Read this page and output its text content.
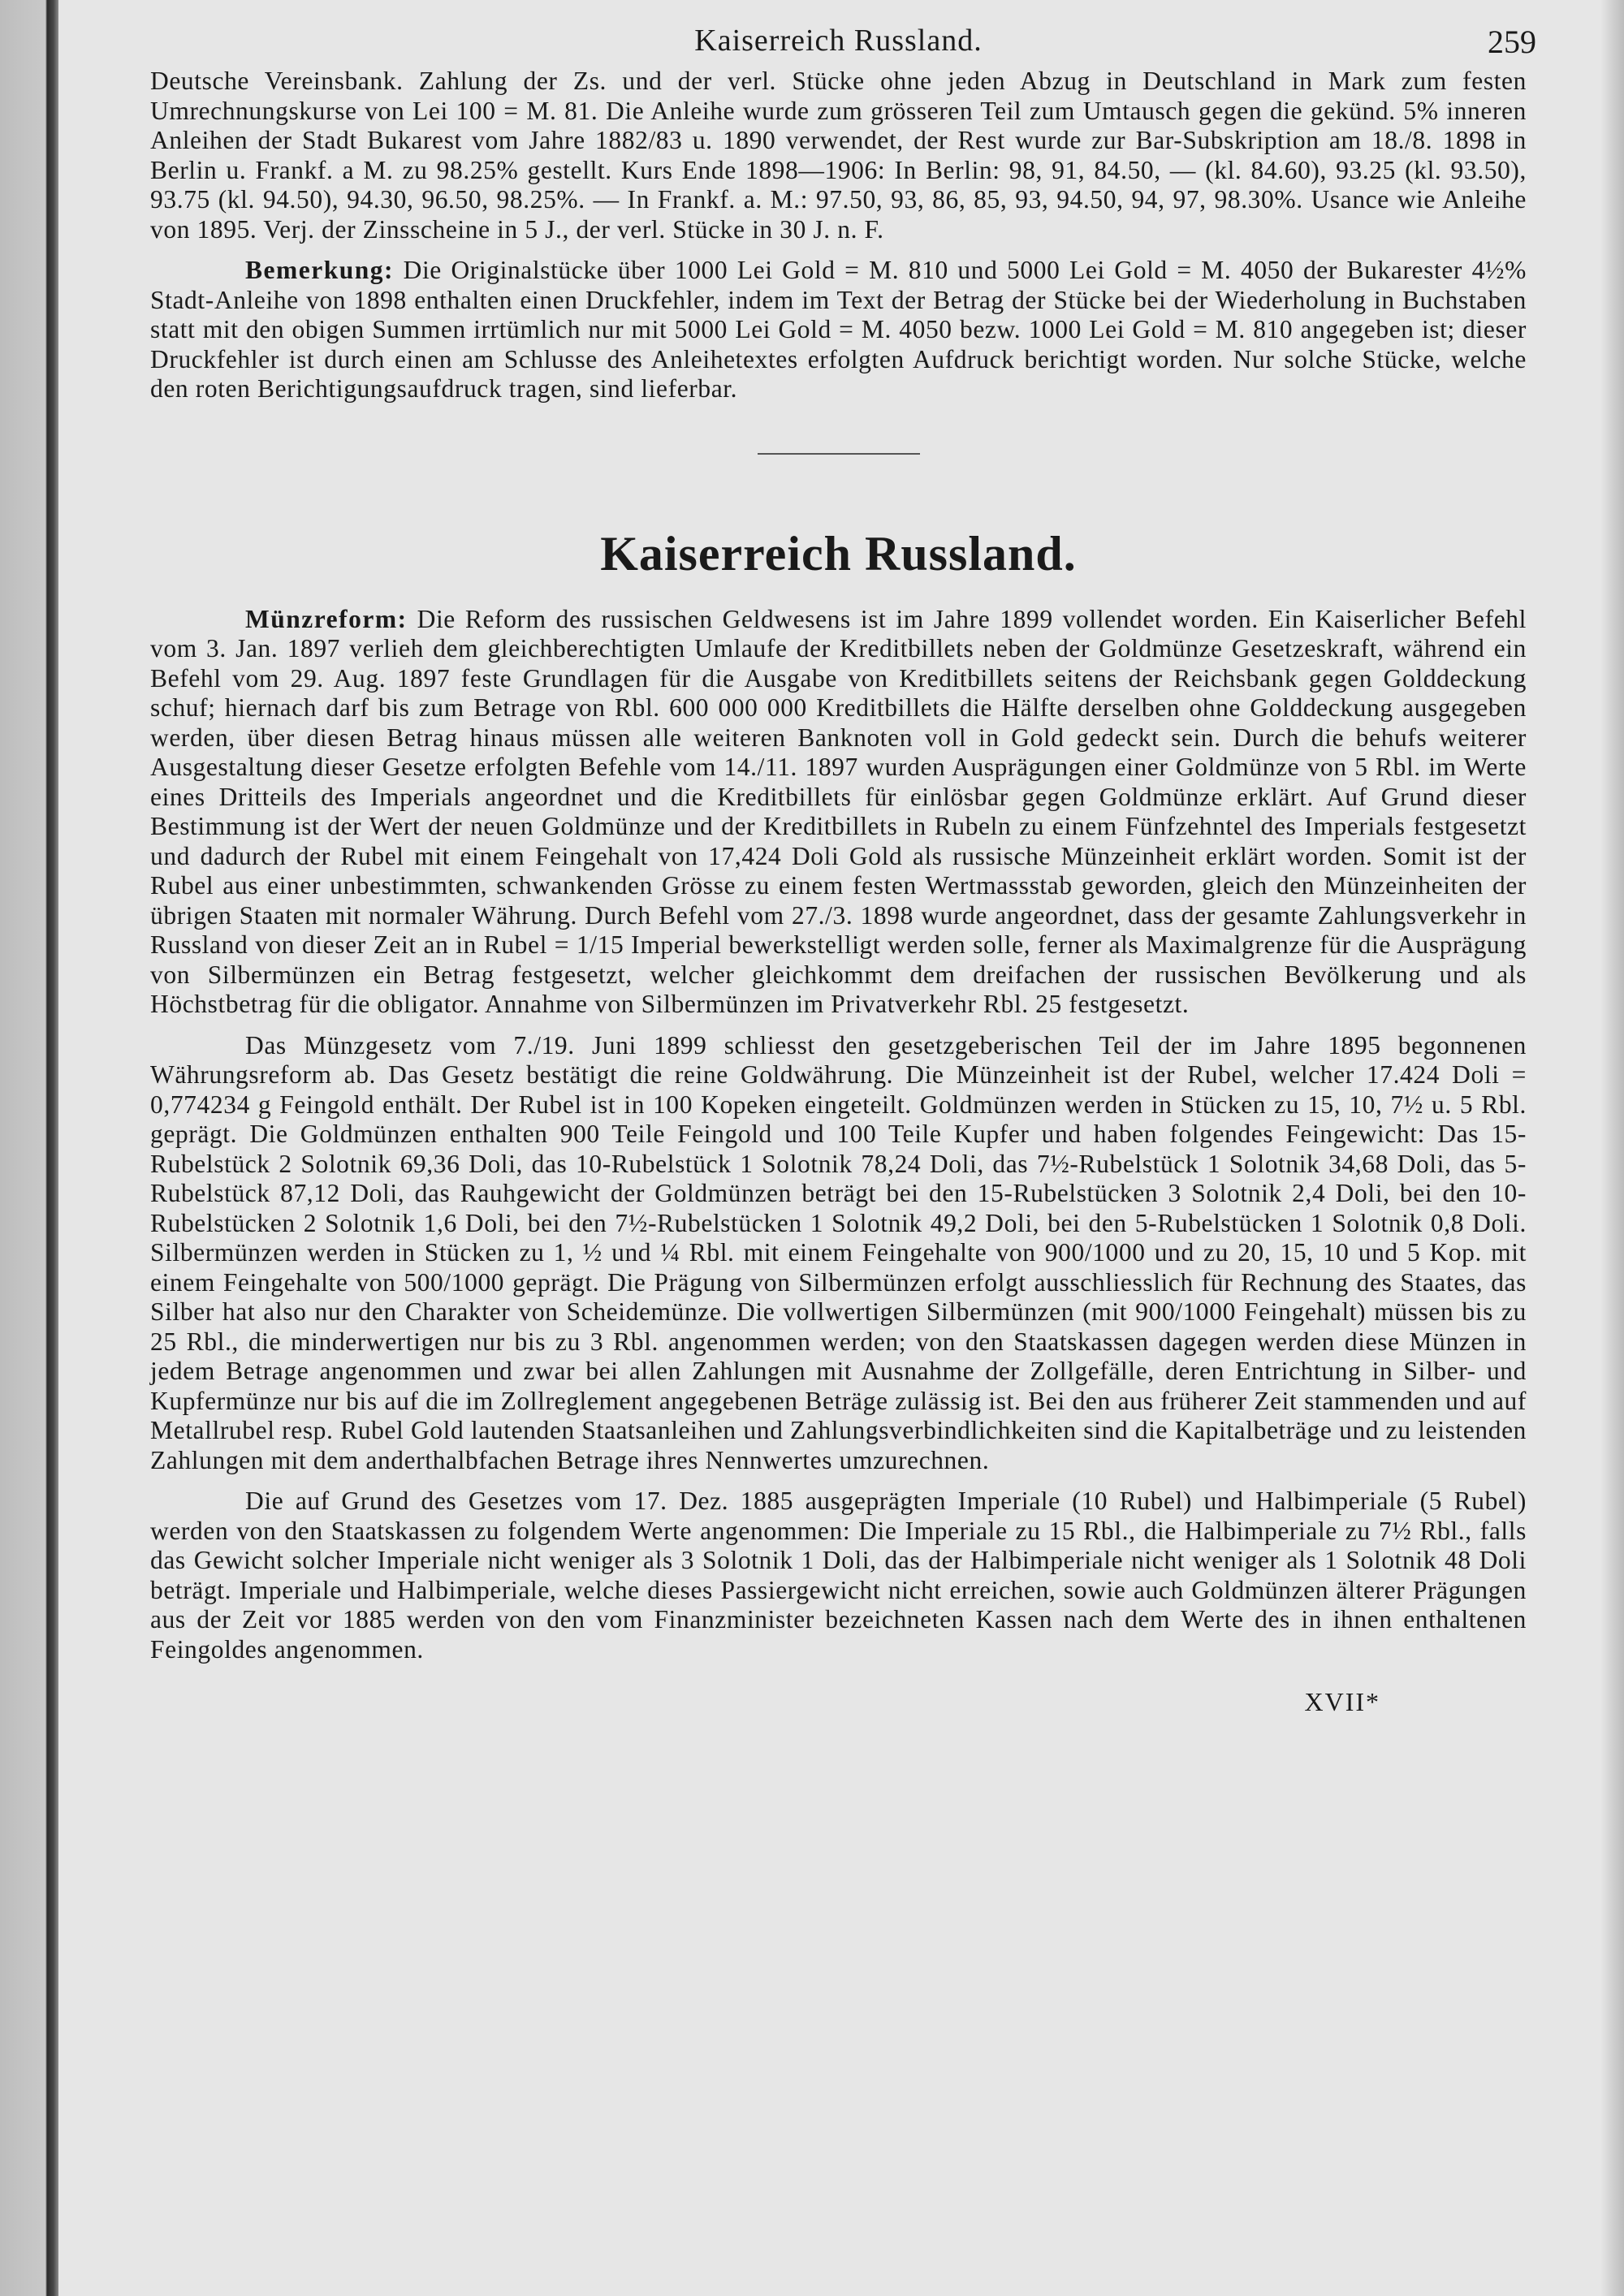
Kaiserreich Russland.	259

Deutsche Vereinsbank. Zahlung der Zs. und der verl. Stücke ohne jeden Abzug in Deutschland in Mark zum festen Umrechnungskurse von Lei 100 = M. 81. Die Anleihe wurde zum grösseren Teil zum Umtausch gegen die gekünd. 5% inneren Anleihen der Stadt Bukarest vom Jahre 1882/83 u. 1890 verwendet, der Rest wurde zur Bar-Subskription am 18./8. 1898 in Berlin u. Frankf. a M. zu 98.25% gestellt. Kurs Ende 1898—1906: In Berlin: 98, 91, 84.50, — (kl. 84.60), 93.25 (kl. 93.50), 93.75 (kl. 94.50), 94.30, 96.50, 98.25%. — In Frankf. a. M.: 97.50, 93, 86, 85, 93, 94.50, 94, 97, 98.30%. Usance wie Anleihe von 1895. Verj. der Zinsscheine in 5 J., der verl. Stücke in 30 J. n. F.

Bemerkung: Die Originalstücke über 1000 Lei Gold = M. 810 und 5000 Lei Gold = M. 4050 der Bukarester 4½% Stadt-Anleihe von 1898 enthalten einen Druckfehler, indem im Text der Betrag der Stücke bei der Wiederholung in Buchstaben statt mit den obigen Summen irrtümlich nur mit 5000 Lei Gold = M. 4050 bezw. 1000 Lei Gold = M. 810 angegeben ist; dieser Druckfehler ist durch einen am Schlusse des Anleihetextes erfolgten Aufdruck berichtigt worden. Nur solche Stücke, welche den roten Berichtigungsaufdruck tragen, sind lieferbar.

Kaiserreich Russland.

Münzreform: Die Reform des russischen Geldwesens ist im Jahre 1899 vollendet worden. Ein Kaiserlicher Befehl vom 3. Jan. 1897 verlieh dem gleichberechtigten Umlaufe der Kreditbillets neben der Goldmünze Gesetzeskraft, während ein Befehl vom 29. Aug. 1897 feste Grundlagen für die Ausgabe von Kreditbillets seitens der Reichsbank gegen Golddeckung schuf; hiernach darf bis zum Betrage von Rbl. 600 000 000 Kreditbillets die Hälfte derselben ohne Golddeckung ausgegeben werden, über diesen Betrag hinaus müssen alle weiteren Banknoten voll in Gold gedeckt sein. Durch die behufs weiterer Ausgestaltung dieser Gesetze erfolgten Befehle vom 14./11. 1897 wurden Ausprägungen einer Goldmünze von 5 Rbl. im Werte eines Dritteils des Imperials angeordnet und die Kreditbillets für einlösbar gegen Goldmünze erklärt. Auf Grund dieser Bestimmung ist der Wert der neuen Goldmünze und der Kreditbillets in Rubeln zu einem Fünfzehntel des Imperials festgesetzt und dadurch der Rubel mit einem Feingehalt von 17,424 Doli Gold als russische Münzeinheit erklärt worden. Somit ist der Rubel aus einer unbestimmten, schwankenden Grösse zu einem festen Wertmassstab geworden, gleich den Münzeinheiten der übrigen Staaten mit normaler Währung. Durch Befehl vom 27./3. 1898 wurde angeordnet, dass der gesamte Zahlungsverkehr in Russland von dieser Zeit an in Rubel = 1/15 Imperial bewerkstelligt werden solle, ferner als Maximalgrenze für die Ausprägung von Silbermünzen ein Betrag festgesetzt, welcher gleichkommt dem dreifachen der russischen Bevölkerung und als Höchstbetrag für die obligator. Annahme von Silbermünzen im Privatverkehr Rbl. 25 festgesetzt.

Das Münzgesetz vom 7./19. Juni 1899 schliesst den gesetzgeberischen Teil der im Jahre 1895 begonnenen Währungsreform ab. Das Gesetz bestätigt die reine Goldwährung. Die Münzeinheit ist der Rubel, welcher 17.424 Doli = 0,774234 g Feingold enthält. Der Rubel ist in 100 Kopeken eingeteilt. Goldmünzen werden in Stücken zu 15, 10, 7½ u. 5 Rbl. geprägt. Die Goldmünzen enthalten 900 Teile Feingold und 100 Teile Kupfer und haben folgendes Feingewicht: Das 15-Rubelstück 2 Solotnik 69,36 Doli, das 10-Rubelstück 1 Solotnik 78,24 Doli, das 7½-Rubelstück 1 Solotnik 34,68 Doli, das 5-Rubelstück 87,12 Doli, das Rauhgewicht der Goldmünzen beträgt bei den 15-Rubelstücken 3 Solotnik 2,4 Doli, bei den 10-Rubelstücken 2 Solotnik 1,6 Doli, bei den 7½-Rubelstücken 1 Solotnik 49,2 Doli, bei den 5-Rubelstücken 1 Solotnik 0,8 Doli. Silbermünzen werden in Stücken zu 1, ½ und ¼ Rbl. mit einem Feingehalte von 900/1000 und zu 20, 15, 10 und 5 Kop. mit einem Feingehalte von 500/1000 geprägt. Die Prägung von Silbermünzen erfolgt ausschliesslich für Rechnung des Staates, das Silber hat also nur den Charakter von Scheidemünze. Die vollwertigen Silbermünzen (mit 900/1000 Feingehalt) müssen bis zu 25 Rbl., die minderwertigen nur bis zu 3 Rbl. angenommen werden; von den Staatskassen dagegen werden diese Münzen in jedem Betrage angenommen und zwar bei allen Zahlungen mit Ausnahme der Zollgefälle, deren Entrichtung in Silber- und Kupfermünze nur bis auf die im Zollreglement angegebenen Beträge zulässig ist. Bei den aus früherer Zeit stammenden und auf Metallrubel resp. Rubel Gold lautenden Staatsanleihen und Zahlungsverbindlichkeiten sind die Kapitalbeträge und zu leistenden Zahlungen mit dem anderthalbfachen Betrage ihres Nennwertes umzurechnen.

Die auf Grund des Gesetzes vom 17. Dez. 1885 ausgeprägten Imperiale (10 Rubel) und Halbimperiale (5 Rubel) werden von den Staatskassen zu folgendem Werte angenommen: Die Imperiale zu 15 Rbl., die Halbimperiale zu 7½ Rbl., falls das Gewicht solcher Imperiale nicht weniger als 3 Solotnik 1 Doli, das der Halbimperiale nicht weniger als 1 Solotnik 48 Doli beträgt. Imperiale und Halbimperiale, welche dieses Passiergewicht nicht erreichen, sowie auch Goldmünzen älterer Prägungen aus der Zeit vor 1885 werden von den vom Finanzminister bezeichneten Kassen nach dem Werte des in ihnen enthaltenen Feingoldes angenommen.

XVII*
